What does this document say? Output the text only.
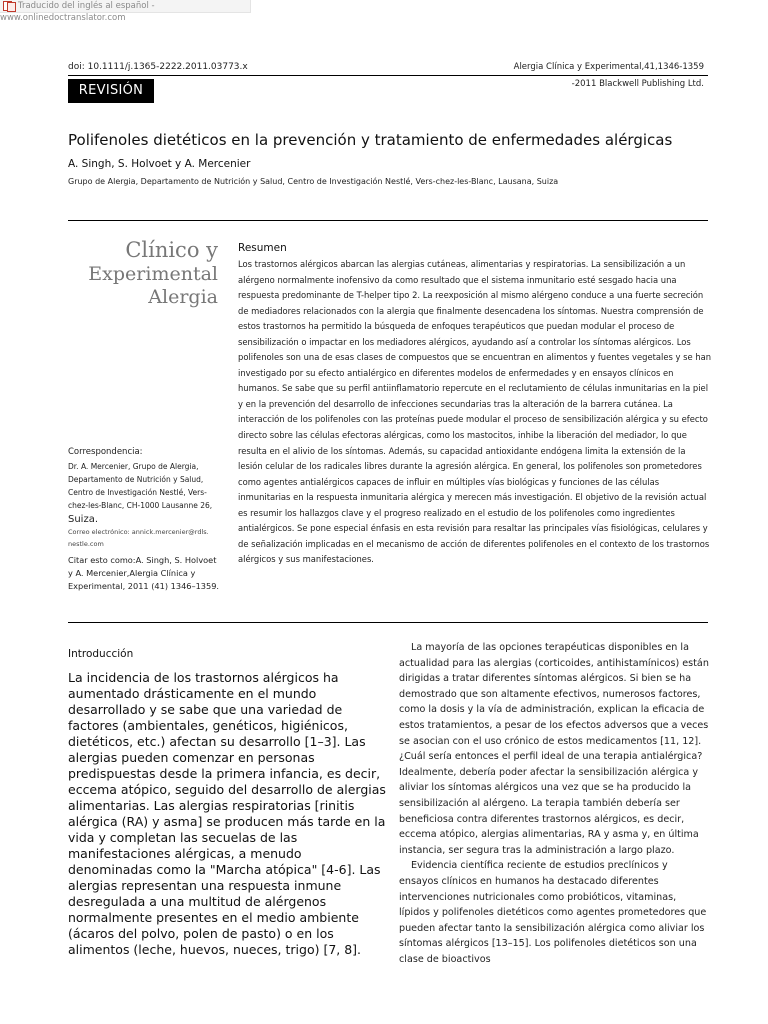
Traducido del inglés al español - www.onlinedoctranslator.com
doi: 10.1111/j.1365-2222.2011.03773.x	Alergia Clínica y Experimental,41,1346-1359
REVISIÓN	-2011 Blackwell Publishing Ltd.
Polifenoles dietéticos en la prevención y tratamiento de enfermedades alérgicas
A. Singh, S. Holvoet y A. Mercenier
Grupo de Alergia, Departamento de Nutrición y Salud, Centro de Investigación Nestlé, Vers-chez-les-Blanc, Lausana, Suiza
Clínico y
Experimental
Alergia
Correspondencia:
Dr. A. Mercenier, Grupo de Alergia, Departamento de Nutrición y Salud, Centro de Investigación Nestlé, Vers-chez-les-Blanc, CH-1000 Lausanne 26,
Suiza.
Correo electrónico: annick.mercenier@rdls. nestle.com
Citar esto como:A. Singh, S. Holvoet y A. Mercenier,Alergia Clínica y Experimental, 2011 (41) 1346–1359.
Resumen
Los trastornos alérgicos abarcan las alergias cutáneas, alimentarias y respiratorias. La sensibilización a un alérgeno normalmente inofensivo da como resultado que el sistema inmunitario esté sesgado hacia una respuesta predominante de T-helper tipo 2. La reexposición al mismo alérgeno conduce a una fuerte secreción de mediadores relacionados con la alergia que finalmente desencadena los síntomas. Nuestra comprensión de estos trastornos ha permitido la búsqueda de enfoques terapéuticos que puedan modular el proceso de sensibilización o impactar en los mediadores alérgicos, ayudando así a controlar los síntomas alérgicos. Los polifenoles son una de esas clases de compuestos que se encuentran en alimentos y fuentes vegetales y se han investigado por su efecto antialérgico en diferentes modelos de enfermedades y en ensayos clínicos en humanos. Se sabe que su perfil antiinflamatorio repercute en el reclutamiento de células inmunitarias en la piel y en la prevención del desarrollo de infecciones secundarias tras la alteración de la barrera cutánea. La interacción de los polifenoles con las proteínas puede modular el proceso de sensibilización alérgica y su efecto directo sobre las células efectoras alérgicas, como los mastocitos, inhibe la liberación del mediador, lo que resulta en el alivio de los síntomas. Además, su capacidad antioxidante endógena limita la extensión de la lesión celular de los radicales libres durante la agresión alérgica. En general, los polifenoles son prometedores como agentes antialérgicos capaces de influir en múltiples vías biológicas y funciones de las células inmunitarias en la respuesta inmunitaria alérgica y merecen más investigación. El objetivo de la revisión actual es resumir los hallazgos clave y el progreso realizado en el estudio de los polifenoles como ingredientes antialérgicos. Se pone especial énfasis en esta revisión para resaltar las principales vías fisiológicas, celulares y de señalización implicadas en el mecanismo de acción de diferentes polifenoles en el contexto de los trastornos alérgicos y sus manifestaciones.
Introducción
La incidencia de los trastornos alérgicos ha aumentado drásticamente en el mundo desarrollado y se sabe que una variedad de factores (ambientales, genéticos, higiénicos, dietéticos, etc.) afectan su desarrollo [1–3]. Las alergias pueden comenzar en personas predispuestas desde la primera infancia, es decir, eccema atópico, seguido del desarrollo de alergias alimentarias. Las alergias respiratorias [rinitis alérgica (RA) y asma] se producen más tarde en la vida y completan las secuelas de las manifestaciones alérgicas, a menudo denominadas como la "Marcha atópica" [4-6]. Las alergias representan una respuesta inmune desregulada a una multitud de alérgenos normalmente presentes en el medio ambiente (ácaros del polvo, polen de pasto) o en los alimentos (leche, huevos, nueces, trigo) [7, 8].

La mayoría de las opciones terapéuticas disponibles en la actualidad para las alergias (corticoides, antihistamínicos) están dirigidas a tratar diferentes síntomas alérgicos. Si bien se ha demostrado que son altamente efectivos, numerosos factores, como la dosis y la vía de administración, explican la eficacia de estos tratamientos, a pesar de los efectos adversos que a veces se asocian con el uso crónico de estos medicamentos [11, 12]. ¿Cuál sería entonces el perfil ideal de una terapia antialérgica? Idealmente, debería poder afectar la sensibilización alérgica y aliviar los síntomas alérgicos una vez que se ha producido la sensibilización al alérgeno. La terapia también debería ser beneficiosa contra diferentes trastornos alérgicos, es decir, eccema atópico, alergias alimentarias, RA y asma y, en última instancia, ser segura tras la administración a largo plazo.

Evidencia científica reciente de estudios preclínicos y ensayos clínicos en humanos ha destacado diferentes intervenciones nutricionales como probióticos, vitaminas, lípidos y polifenoles dietéticos como agentes prometedores que pueden afectar tanto la sensibilización alérgica como aliviar los síntomas alérgicos [13–15]. Los polifenoles dietéticos son una clase de bioactivos
